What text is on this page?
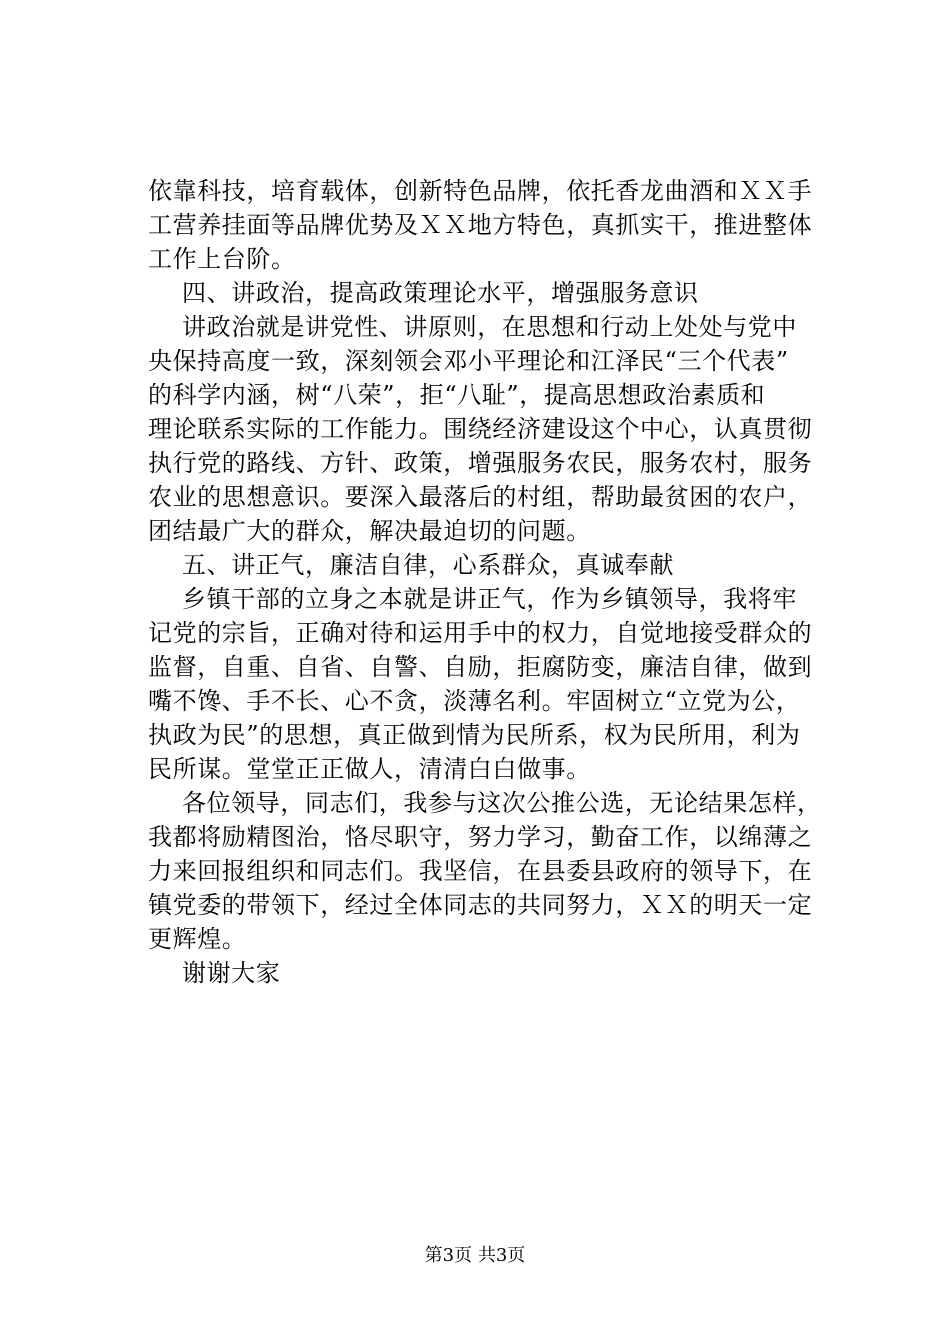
依靠科技，培育载体，创新特色品牌，依托香龙曲酒和ＸＸ手
工营养挂面等品牌优势及ＸＸ地方特色，真抓实干，推进整体
工作上台阶。
四、讲政治，提高政策理论水平，增强服务意识
讲政治就是讲党性、讲原则，在思想和行动上处处与党中
央保持高度一致，深刻领会邓小平理论和江泽民“三个代表”
的科学内涵，树“八荣”，拒“八耻”，提高思想政治素质和
理论联系实际的工作能力。围绕经济建设这个中心，认真贯彻
执行党的路线、方针、政策，增强服务农民，服务农村，服务
农业的思想意识。要深入最落后的村组，帮助最贫困的农户，
团结最广大的群众，解决最迫切的问题。
五、讲正气，廉洁自律，心系群众，真诚奉献
乡镇干部的立身之本就是讲正气，作为乡镇领导，我将牢
记党的宗旨，正确对待和运用手中的权力，自觉地接受群众的
监督，自重、自省、自警、自励，拒腐防变，廉洁自律，做到
嘴不馋、手不长、心不贪，淡薄名利。牢固树立“立党为公，
执政为民”的思想，真正做到情为民所系，权为民所用，利为
民所谋。堂堂正正做人，清清白白做事。
各位领导，同志们，我参与这次公推公选，无论结果怎样，
我都将励精图治，恪尽职守，努力学习，勤奋工作，以绵薄之
力来回报组织和同志们。我坚信，在县委县政府的领导下，在
镇党委的带领下，经过全体同志的共同努力，ＸＸ的明天一定
更辉煌。
谢谢大家
第3页 共3页
